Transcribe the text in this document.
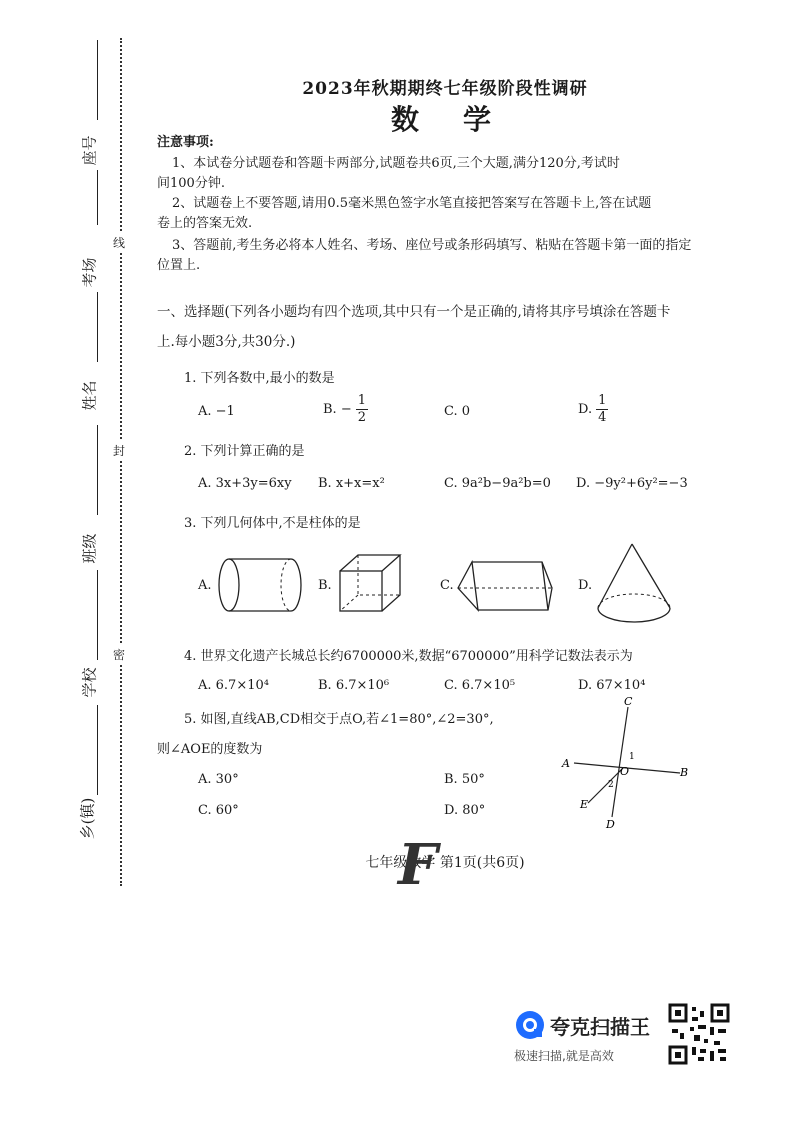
座号
考场
姓名
班级
学校
乡(镇)
线
封
密
2023年秋期期终七年级阶段性调研
数　学
注意事项:
1、本试卷分试题卷和答题卡两部分,试题卷共6页,三个大题,满分120分,考试时
间100分钟.
2、试题卷上不要答题,请用0.5毫米黑色签字水笔直接把答案写在答题卡上,答在试题
卷上的答案无效.
3、答题前,考生务必将本人姓名、考场、座位号或条形码填写、粘贴在答题卡第一面的指定
位置上.
一、选择题(下列各小题均有四个选项,其中只有一个是正确的,请将其序号填涂在答题卡
上.每小题3分,共30分.)
1. 下列各数中,最小的数是
A. −1	B. − $\frac{1}{2}$	C. 0	D. $\frac{1}{4}$
2. 下列计算正确的是
A. 3x+3y=6xy B. x+x=x²	C. 9a²b−9a²b=0 D. −9y²+6y²=−3
3. 下列几何体中,不是柱体的是
A.	B.	C.	D.
4. 世界文化遗产长城总长约6700000米,数据“6700000”用科学记数法表示为
A. 6.7×10⁴	B. 6.7×10⁶	C. 6.7×10⁵	D. 67×10⁴
5. 如图,直线AB,CD相交于点O,若∠1=80°,∠2=30°,
则∠AOE的度数为
A. 30°	B. 50°
C. 60°	D. 80°
C
A
B
D
E
O
1
2
七年级数学 第1页(共6页)
F
夸克扫描王
极速扫描,就是高效
